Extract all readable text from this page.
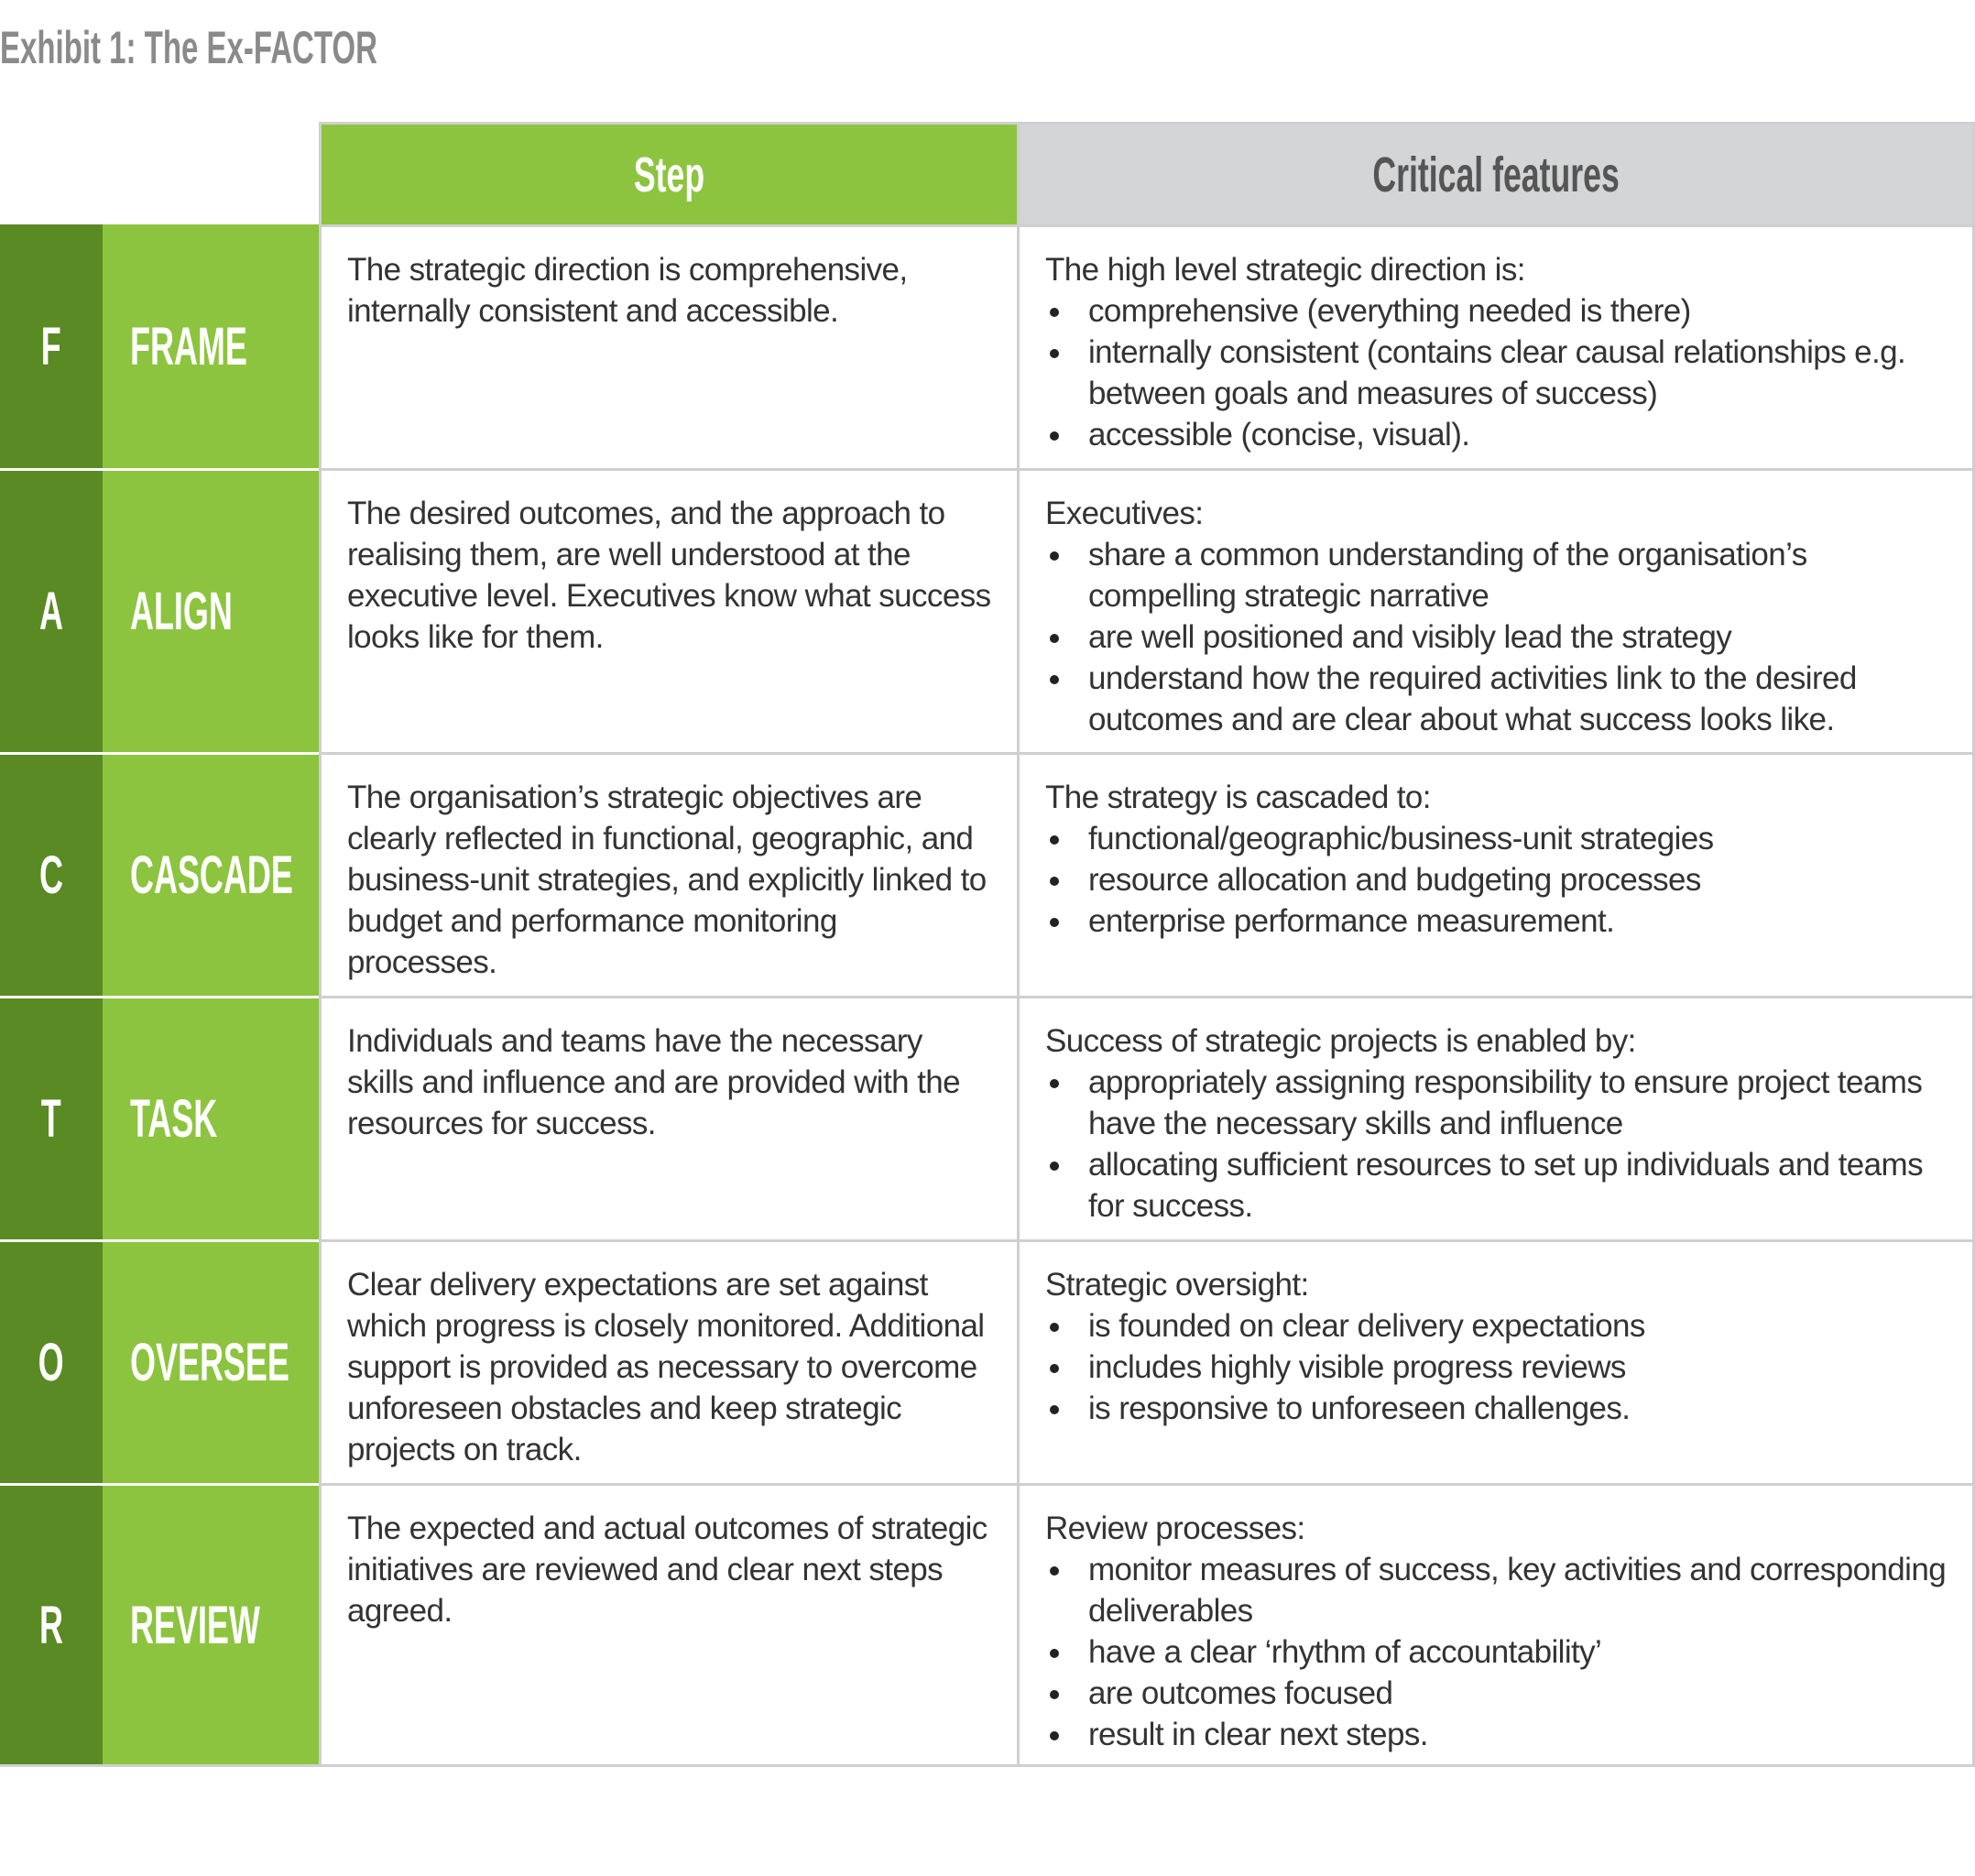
Exhibit 1: The Ex-FACTOR
Step	Critical features
F FRAME

The strategic direction is comprehensive, internally consistent and accessible.

The high level strategic direction is:

comprehensive (everything needed is there)
internally consistent (contains clear causal relationships e.g. between goals and measures of success)
accessible (concise, visual).
A ALIGN

The desired outcomes, and the approach to realising them, are well understood at the executive level. Executives know what success looks like for them.

Executives:

share a common understanding of the organisation’s compelling strategic narrative
are well positioned and visibly lead the strategy
understand how the required activities link to the desired outcomes and are clear about what success looks like.
C CASCADE

The organisation’s strategic objectives are clearly reflected in functional, geographic, and business-unit strategies, and explicitly linked to budget and performance monitoring processes.

The strategy is cascaded to:

functional/geographic/business-unit strategies
resource allocation and budgeting processes
enterprise performance measurement.
T TASK

Individuals and teams have the necessary skills and influence and are provided with the resources for success.

Success of strategic projects is enabled by:

appropriately assigning responsibility to ensure project teams have the necessary skills and influence
allocating sufficient resources to set up individuals and teams for success.
O OVERSEE

Clear delivery expectations are set against which progress is closely monitored. Additional support is provided as necessary to overcome unforeseen obstacles and keep strategic projects on track.

Strategic oversight:

is founded on clear delivery expectations
includes highly visible progress reviews
is responsive to unforeseen challenges.
R REVIEW

The expected and actual outcomes of strategic initiatives are reviewed and clear next steps agreed.

Review processes:

monitor measures of success, key activities and corresponding deliverables
have a clear ‘rhythm of accountability’
are outcomes focused
result in clear next steps.
